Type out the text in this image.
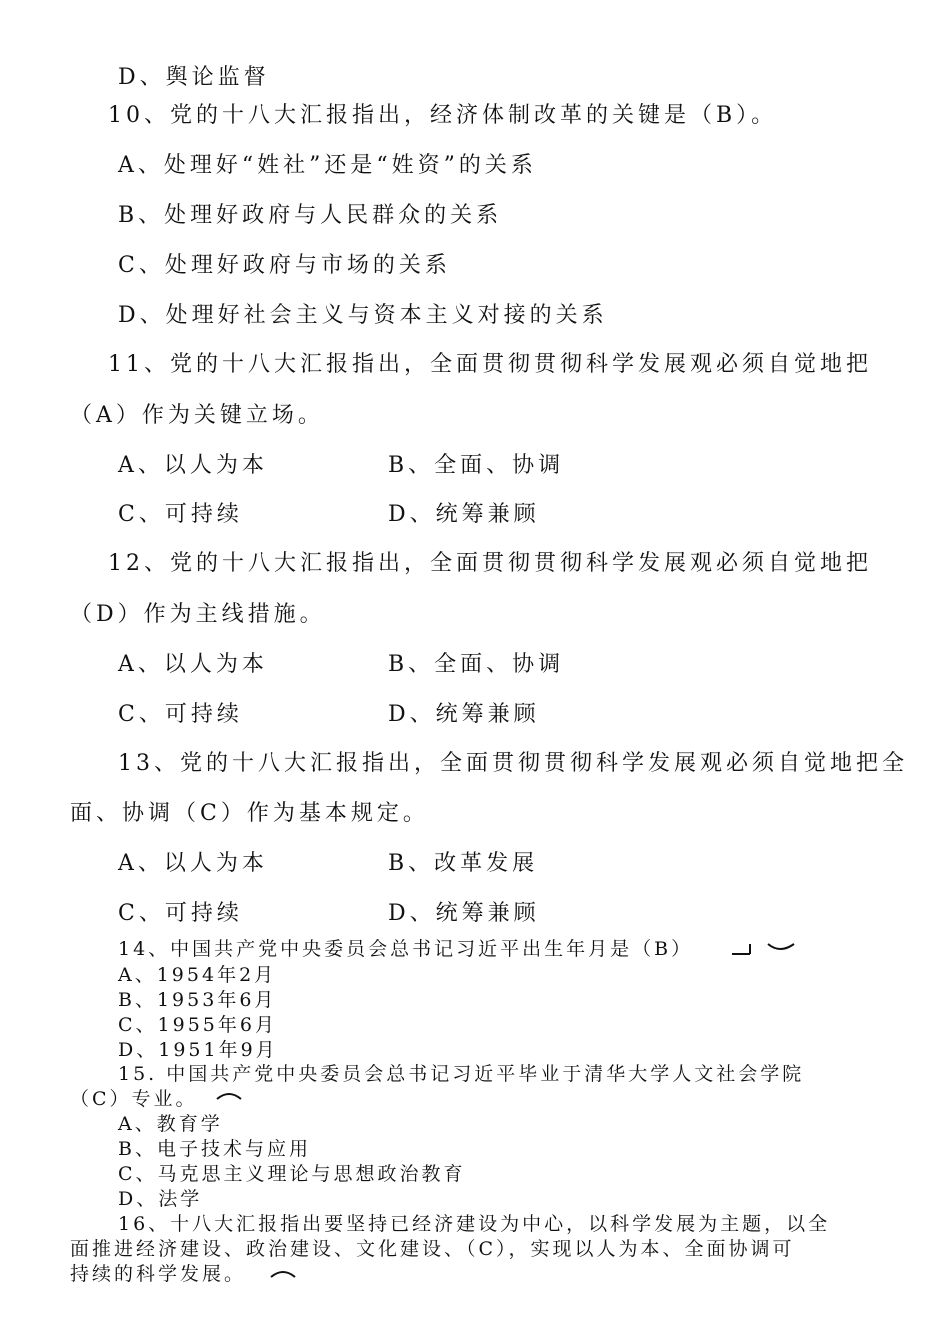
D、舆论监督
10、党的十八大汇报指出，经济体制改革的关键是（B）。
A、处理好“姓社”还是“姓资”的关系
B、处理好政府与人民群众的关系
C、处理好政府与市场的关系
D、处理好社会主义与资本主义对接的关系
11、党的十八大汇报指出，全面贯彻贯彻科学发展观必须自觉地把
（A）作为关键立场。
A、以人为本	B、全面、协调
C、可持续	D、统筹兼顾
12、党的十八大汇报指出，全面贯彻贯彻科学发展观必须自觉地把
（D）作为主线措施。
A、以人为本	B、全面、协调
C、可持续	D、统筹兼顾
13、党的十八大汇报指出，全面贯彻贯彻科学发展观必须自觉地把全
面、协调（C）作为基本规定。
A、以人为本	B、改革发展
C、可持续	D、统筹兼顾
14、中国共产党中央委员会总书记习近平出生年月是（B）
A、1954年2月
B、1953年6月
C、1955年6月
D、1951年9月
15. 中国共产党中央委员会总书记习近平毕业于清华大学人文社会学院
（C）专业。
A、教育学
B、电子技术与应用
C、马克思主义理论与思想政治教育
D、法学
16、十八大汇报指出要坚持已经济建设为中心，以科学发展为主题，以全
面推进经济建设、政治建设、文化建设、（C），实现以人为本、全面协调可
持续的科学发展。
